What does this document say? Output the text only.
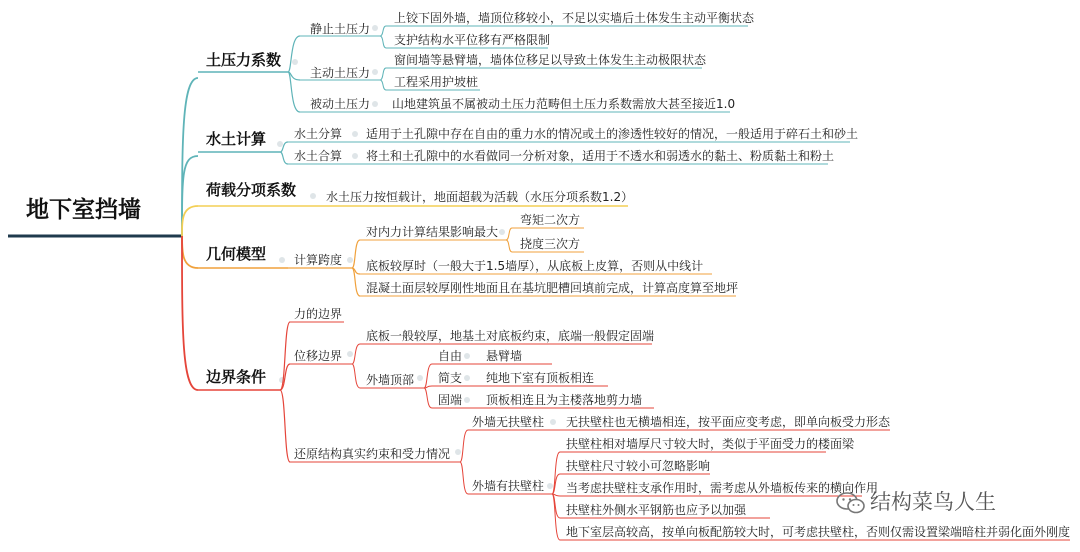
地下室挡墙
土压力系数
静止土压力
上铰下固外墙，墙顶位移较小，不足以实墙后土体发生主动平衡状态
支护结构水平位移有严格限制
主动土压力
窗间墙等悬臂墙，墙体位移足以导致土体发生主动极限状态
工程采用护坡桩
被动土压力 山地建筑虽不属被动土压力范畴但土压力系数需放大甚至接近1.0
水土计算 水土分算 适用于土孔隙中存在自由的重力水的情况或土的渗透性较好的情况，一般适用于碎石土和砂土
水土合算 将土和土孔隙中的水看做同一分析对象，适用于不透水和弱透水的黏土、粉质黏土和粉土
荷载分项系数 水土压力按恒载计，地面超载为活载（水压分项系数1.2）
几何模型 计算跨度
对内力计算结果影响最大
弯矩二次方
挠度三次方
底板较厚时（一般大于1.5墙厚），从底板上皮算，否则从中线计
混凝土面层较厚刚性地面且在基坑肥槽回填前完成，计算高度算至地坪
边界条件
力的边界
位移边界
底板一般较厚，地基土对底板约束，底端一般假定固端
外墙顶部
自由 悬臂墙
简支 纯地下室有顶板相连
固端 顶板相连且为主楼落地剪力墙
还原结构真实约束和受力情况
外墙无扶壁柱 无扶壁柱也无横墙相连，按平面应变考虑，即单向板受力形态
外墙有扶壁柱
扶壁柱相对墙厚尺寸较大时，类似于平面受力的楼面梁
扶壁柱尺寸较小可忽略影响
当考虑扶壁柱支承作用时，需考虑从外墙板传来的横向作用
扶壁柱外侧水平钢筋也应予以加强
地下室层高较高，按单向板配筋较大时，可考虑扶壁柱，否则仅需设置梁端暗柱并弱化面外刚度
结构菜鸟人生
